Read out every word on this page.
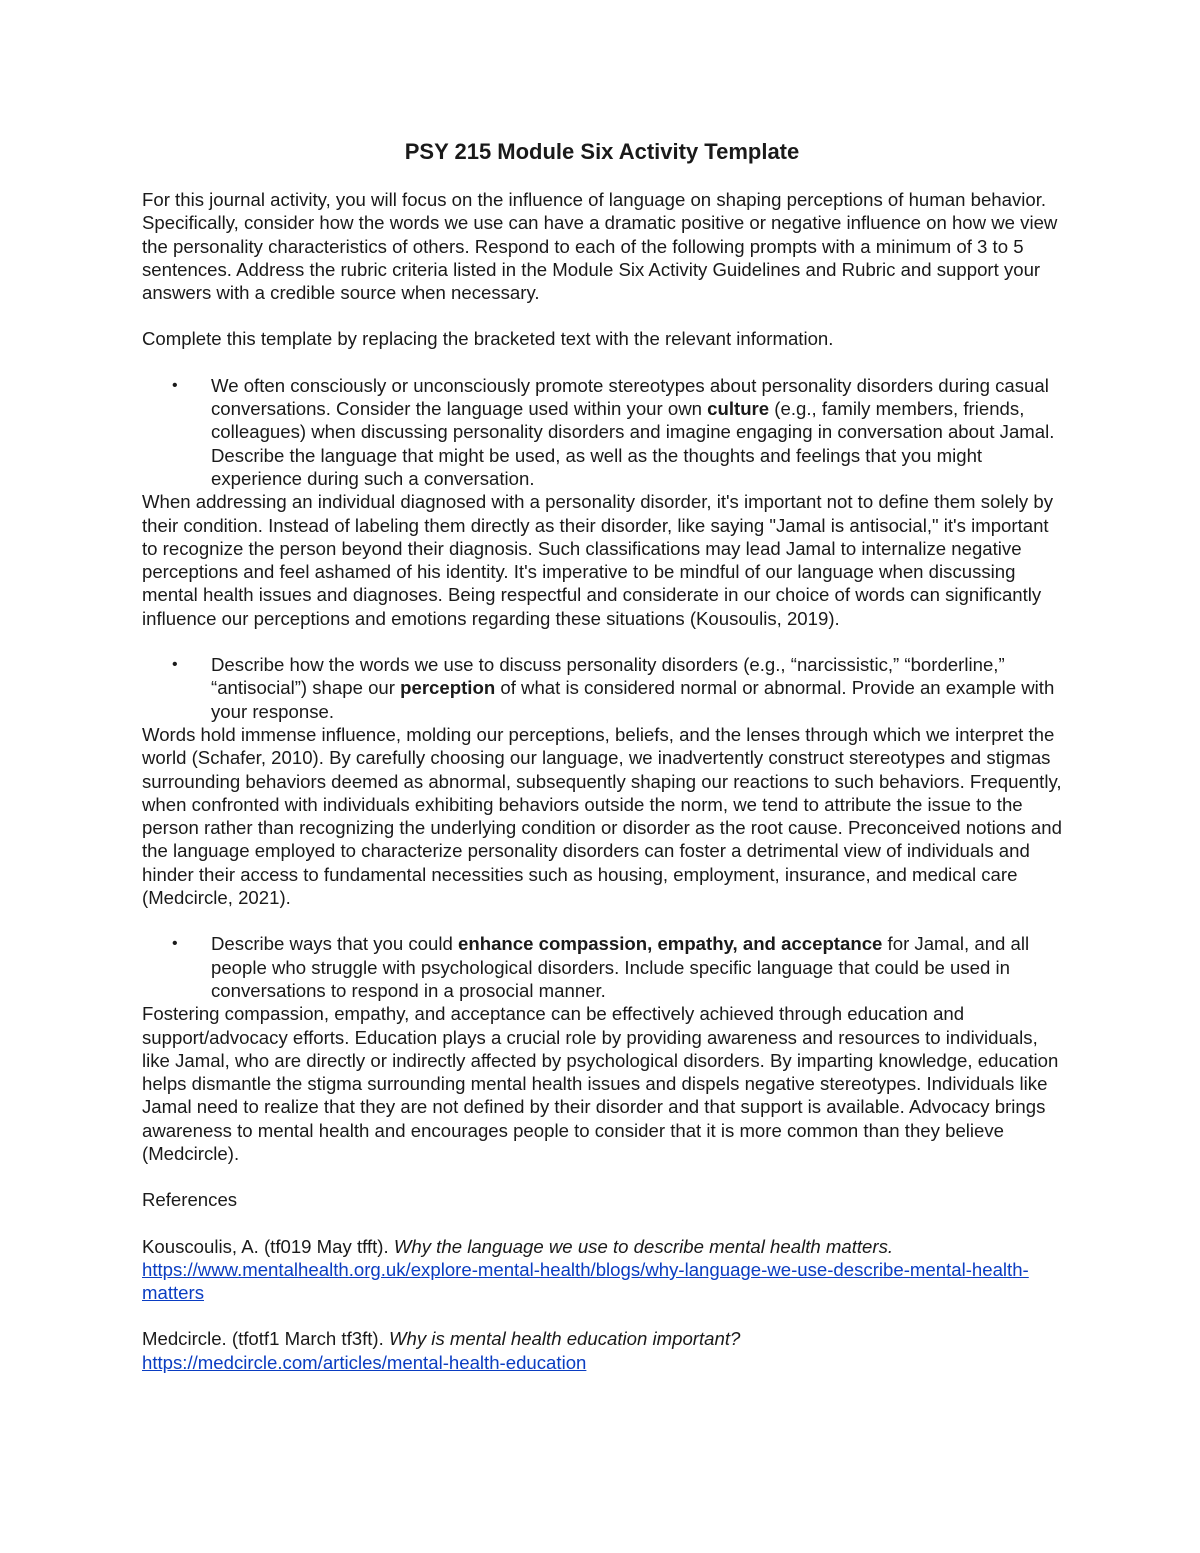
PSY 215 Module Six Activity Template

For this journal activity, you will focus on the influence of language on shaping perceptions of human behavior. Specifically, consider how the words we use can have a dramatic positive or negative influence on how we view the personality characteristics of others. Respond to each of the following prompts with a minimum of 3 to 5 sentences. Address the rubric criteria listed in the Module Six Activity Guidelines and Rubric and support your answers with a credible source when necessary.

Complete this template by replacing the bracketed text with the relevant information.

• We often consciously or unconsciously promote stereotypes about personality disorders during casual conversations. Consider the language used within your own culture (e.g., family members, friends, colleagues) when discussing personality disorders and imagine engaging in conversation about Jamal. Describe the language that might be used, as well as the thoughts and feelings that you might experience during such a conversation.

When addressing an individual diagnosed with a personality disorder, it's important not to define them solely by their condition. Instead of labeling them directly as their disorder, like saying "Jamal is antisocial," it's important to recognize the person beyond their diagnosis. Such classifications may lead Jamal to internalize negative perceptions and feel ashamed of his identity. It's imperative to be mindful of our language when discussing mental health issues and diagnoses. Being respectful and considerate in our choice of words can significantly influence our perceptions and emotions regarding these situations (Kousoulis, 2019).

• Describe how the words we use to discuss personality disorders (e.g., “narcissistic,” “borderline,” “antisocial”) shape our perception of what is considered normal or abnormal. Provide an example with your response.

Words hold immense influence, molding our perceptions, beliefs, and the lenses through which we interpret the world (Schafer, 2010). By carefully choosing our language, we inadvertently construct stereotypes and stigmas surrounding behaviors deemed as abnormal, subsequently shaping our reactions to such behaviors. Frequently, when confronted with individuals exhibiting behaviors outside the norm, we tend to attribute the issue to the person rather than recognizing the underlying condition or disorder as the root cause. Preconceived notions and the language employed to characterize personality disorders can foster a detrimental view of individuals and hinder their access to fundamental necessities such as housing, employment, insurance, and medical care (Medcircle, 2021).

• Describe ways that you could enhance compassion, empathy, and acceptance for Jamal, and all people who struggle with psychological disorders. Include specific language that could be used in conversations to respond in a prosocial manner.

Fostering compassion, empathy, and acceptance can be effectively achieved through education and support/advocacy efforts. Education plays a crucial role by providing awareness and resources to individuals, like Jamal, who are directly or indirectly affected by psychological disorders. By imparting knowledge, education helps dismantle the stigma surrounding mental health issues and dispels negative stereotypes. Individuals like Jamal need to realize that they are not defined by their disorder and that support is available. Advocacy brings awareness to mental health and encourages people to consider that it is more common than they believe (Medcircle).

References

Kouscoulis, A. (tf019 May tfft). Why the language we use to describe mental health matters.
https://www.mentalhealth.org.uk/explore-mental-health/blogs/why-language-we-use-describe-mental-health-matters
Medcircle. (tfotf1 March tf3ft). Why is mental health education important?
https://medcircle.com/articles/mental-health-education
